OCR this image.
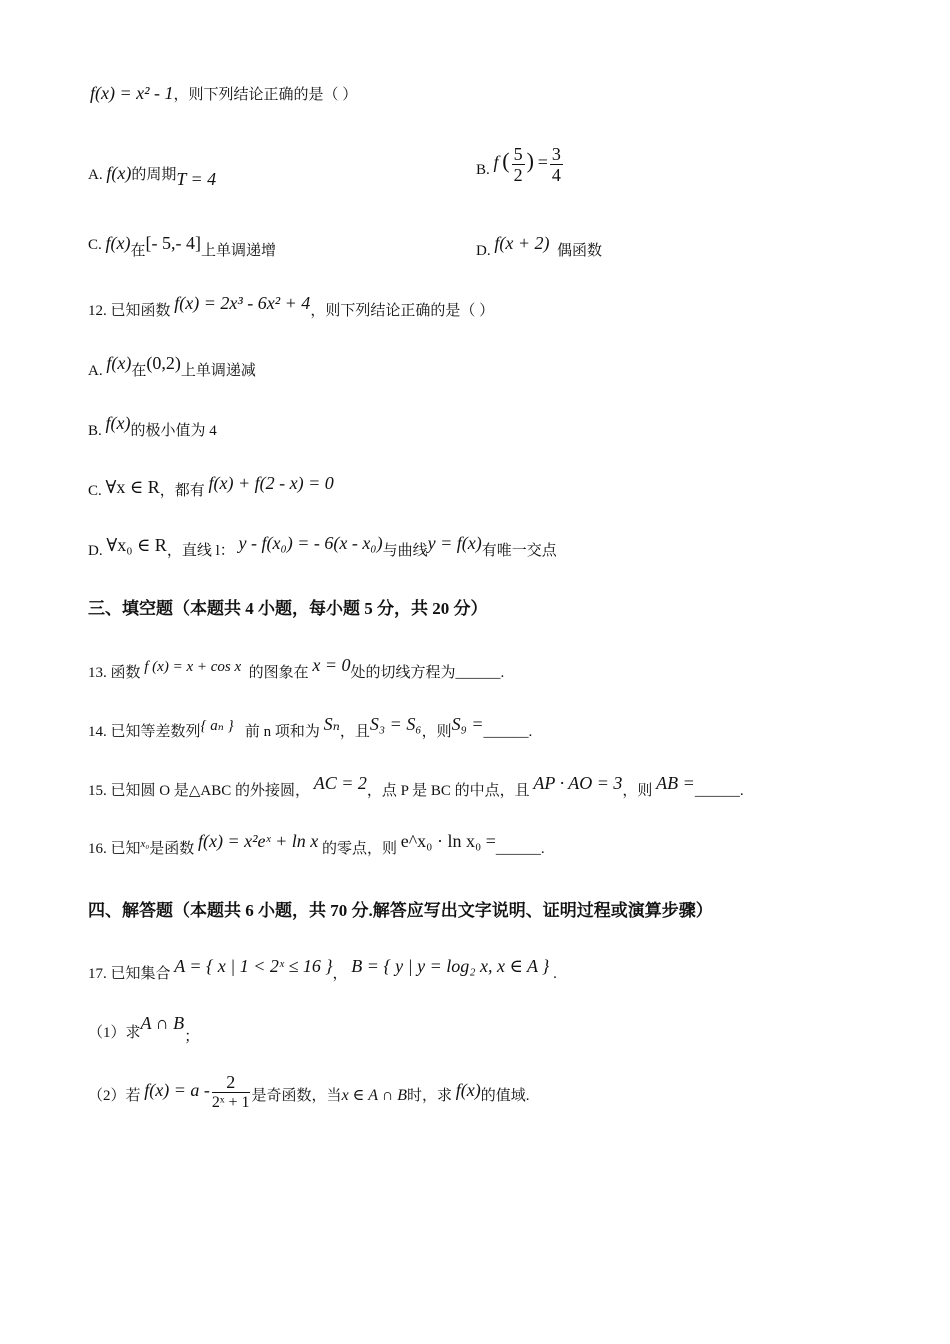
f(x) = x² - 1，则下列结论正确的是（ ）
A. f(x)的周期T = 4	B. f ( $\frac{5}{2}$ ) = $\frac{3}{4}$
C. f(x)在[- 5,- 4]上单调递增	D. f(x + 2) 偶函数
12. 已知函数 f(x) = 2x³ - 6x² + 4，则下列结论正确的是（ ）
A. f(x)在(0,2)上单调递减
B. f(x)的极小值为 4
C. ∀x ∈ R，都有 f(x) + f(2 - x) = 0
D. ∀x₀ ∈ R，直线 l： y - f(x₀) = - 6(x - x₀)与曲线y = f(x)有唯一交点
三、填空题（本题共 4 小题，每小题 5 分，共 20 分）
13. 函数 f (x) = x + cos x 的图象在 x = 0处的切线方程为______.
14. 已知等差数列{ aₙ } 前 n 项和为 Sₙ，且S₃ = S₆，则S₉ =______.
15. 已知圆 O 是△ABC 的外接圆， AC = 2，点 P 是 BC 的中点，且 AP · AO = 3，则 AB =______.
16. 已知x₀是函数 f(x) = x²eˣ + ln x 的零点，则 e^x₀ · ln x₀ =______.
四、解答题（本题共 6 小题，共 70 分.解答应写出文字说明、证明过程或演算步骤）
17. 已知集合 A = { x | 1 < 2ˣ ≤ 16 }， B = { y | y = log₂ x, x ∈ A } .
（1）求A ∩ B；
（2）若 $f(x) = a - \frac{2}{\text{2ˣ + 1}}$ 是奇函数，当x ∈ A ∩ B时，求 f(x)的值域.
